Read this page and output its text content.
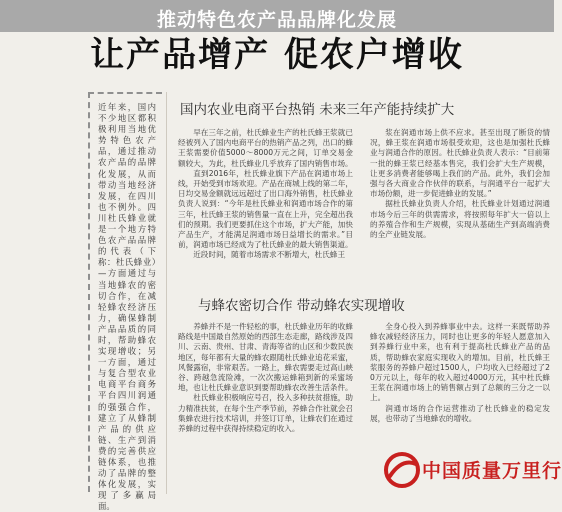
推动特色农产品品牌化发展
让产品增产 促农户增收
近年来，国内不少地区都积极利用当地优势特色农产品，通过推动农产品的品牌化发展，从而带动当地经济发展，在四川也不例外。四川杜氏蜂业就是一个地方特色农产品品牌的代表（下称：杜氏蜂业）—方面通过与当地蜂农的密切合作，在减轻蜂农经济压力，确保蜂制产品品质的同时，帮助蜂农实现增收；另一方面，通过与复合型农业电商平台商务平台四川润通的强强合作，建立了从蜂制产品的供应链、生产到消费的完善供应链体系，也推动了品牌的整体化发展，实现了多赢局面。
国内农业电商平台热销 未来三年产能持续扩大

早在三年之前，杜氏蜂业生产的杜氏蜂王浆就已经被列入了国内电商平台的热销产品之列，出口的蜂王浆需要价值5000～8000万元之间，订单交易金额较大，为此，杜氏蜂业几乎放弃了国内销售市场。

直到2016年，杜氏蜂业旗下产品在润通市场上线，开始受到市场欢迎。产品在商城上线的第二年，日均交易金额就远远超过了出口海外销售，杜氏蜂业负责人说到：“今年是杜氏蜂业和润通市场合作的第三年，杜氏蜂王浆的销售量一直在上升，完全超出我们的预期。我们更要抓住这个市场，扩大产能，加快产品生产，才能满足润通市场日益增长的需求。”目前，润通市场已经成为了杜氏蜂业的最大销售渠道。

近段时间，随着市场需求不断增大，杜氏蜂王

浆在润通市场上供不应求。甚至出现了断货的情况，蜂王浆在润通市场很受欢迎，这也是加强杜氏蜂业与润通合作的原因。杜氏蜂业负责人表示：“目前第一批的蜂王浆已经基本售完，我们会扩大生产规模，让更多消费者能够喝上我们的产品。此外，我们会加强与各大商业合作伙伴的联系，与润通平台一起扩大市场份额，进一步促进蜂业的发展。”

据杜氏蜂业负责人介绍，杜氏蜂业计划通过润通市场今后三年的供需需求，将按照每年扩大一倍以上的养殖合作和生产规模，实现从基础生产到高端消费的全产业链发展。

与蜂农密切合作 带动蜂农实现增收

养蜂并不是一件轻松的事，杜氏蜂业历年的收蜂路线是中国最自然原始的西部生态走廊，路线涉及四川、云南、贵州、甘肃、青海等省的山区和少数民族地区，每年都有大量的蜂农跟随杜氏蜂业追花采蜜，风餐露宿，非常艰苦。一路上，蜂农需要走过高山峡谷、跨越急流险滩，一次次搬运蜂箱到新的采蜜场地，也让杜氏蜂业意识到要帮助蜂农改善生活条件。

杜氏蜂业积极响应号召，投入多种扶贫措施，助力精准扶贫，在每个生产季节前，养蜂合作社就会召集蜂农进行技术培训，并签订订单，让蜂农们在通过养蜂的过程中获得持续稳定的收入。

全身心投入到养蜂事业中去。这样一来既帮助养蜂农减轻经济压力，同时也让更多的年轻人愿意加入到养蜂行业中来，也有利于提高杜氏蜂业产品的品质，帮助蜂农家庭实现收入的增加。目前，杜氏蜂王浆服务的养蜂户超过1500人，户均收入已经超过了20万元以上，每年的收入超过4000万元，其中杜氏蜂王浆在润通市场上的销售额占到了总额的三分之一以上。

润通市场的合作运营推动了杜氏蜂业的稳定发展，也带动了当地蜂农的增收。

中国质量万里行
